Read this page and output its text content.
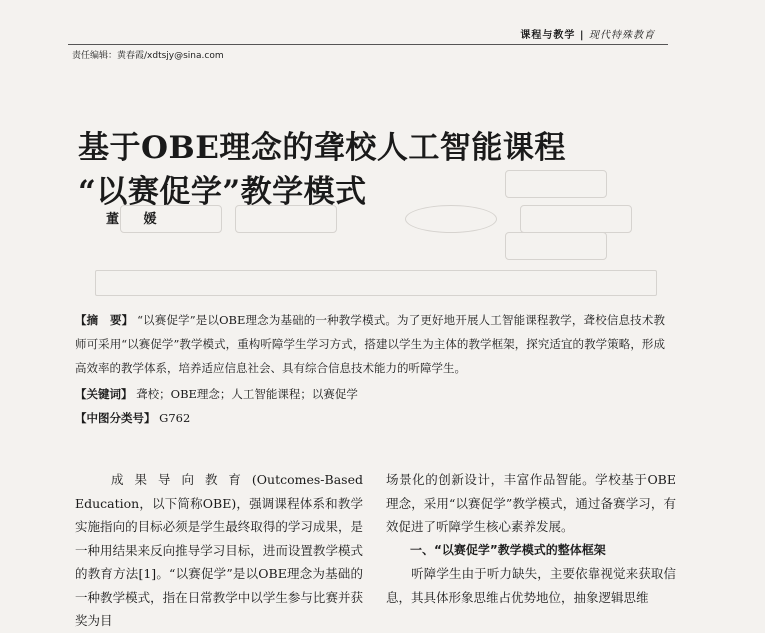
课程与教学 | 现代特殊教育
责任编辑：黄春霞/xdtsjy@sina.com
基于OBE理念的聋校人工智能课程
“以赛促学”教学模式
董 媛
【摘　要】 “以赛促学”是以OBE理念为基础的一种教学模式。为了更好地开展人工智能课程教学，聋校信息技术教师可采用“以赛促学”教学模式，重构听障学生学习方式，搭建以学生为主体的教学框架，探究适宜的教学策略，形成高效率的教学体系，培养适应信息社会、具有综合信息技术能力的听障学生。
【关键词】 聋校；OBE理念；人工智能课程；以赛促学
【中图分类号】 G762
成果导向教育(Outcomes-Based Education，以下简称OBE)，强调课程体系和教学实施指向的目标必须是学生最终取得的学习成果，是一种用结果来反向推导学习目标，进而设置教学模式的教育方法[1]。“以赛促学”是以OBE理念为基础的一种教学模式，指在日常教学中以学生参与比赛并获奖为目
场景化的创新设计，丰富作品智能。学校基于OBE理念，采用“以赛促学”教学模式，通过备赛学习，有效促进了听障学生核心素养发展。
一、“以赛促学”教学模式的整体框架
听障学生由于听力缺失，主要依靠视觉来获取信息，其具体形象思维占优势地位，抽象逻辑思维
